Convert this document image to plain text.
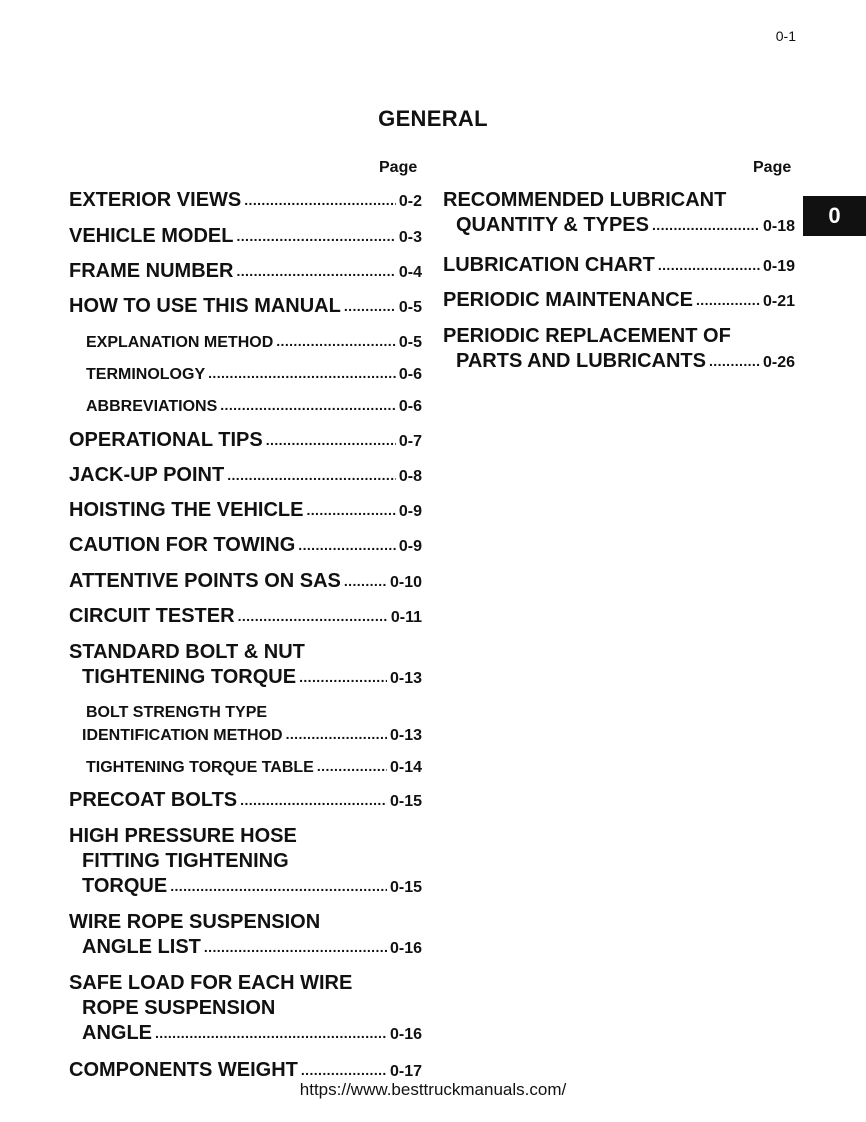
0-1
GENERAL
Page	Page
0
EXTERIOR VIEWS .....	0-2
VEHICLE MODEL .....	0-3
FRAME NUMBER .....	0-4
HOW TO USE THIS MANUAL .....	0-5
EXPLANATION METHOD .....	0-5
TERMINOLOGY .....	0-6
ABBREVIATIONS .....	0-6
OPERATIONAL TIPS .....	0-7
JACK-UP POINT .....	0-8
HOISTING THE VEHICLE .....	0-9
CAUTION FOR TOWING .....	0-9
ATTENTIVE POINTS ON SAS .....	0-10
CIRCUIT TESTER .....	0-11
STANDARD BOLT & NUT
TIGHTENING TORQUE .....	0-13
BOLT STRENGTH TYPE
IDENTIFICATION METHOD .....	0-13
TIGHTENING TORQUE TABLE .....	0-14
PRECOAT BOLTS .....	0-15
HIGH PRESSURE HOSE
FITTING TIGHTENING
TORQUE .....	0-15
WIRE ROPE SUSPENSION
ANGLE LIST .....	0-16
SAFE LOAD FOR EACH WIRE
ROPE SUSPENSION
ANGLE .....	0-16
COMPONENTS WEIGHT .....	0-17
RECOMMENDED LUBRICANT
QUANTITY & TYPES .....	0-18
LUBRICATION CHART .....	0-19
PERIODIC MAINTENANCE .....	0-21
PERIODIC REPLACEMENT OF
PARTS AND LUBRICANTS .....	0-26
https://www.besttruckmanuals.com/
